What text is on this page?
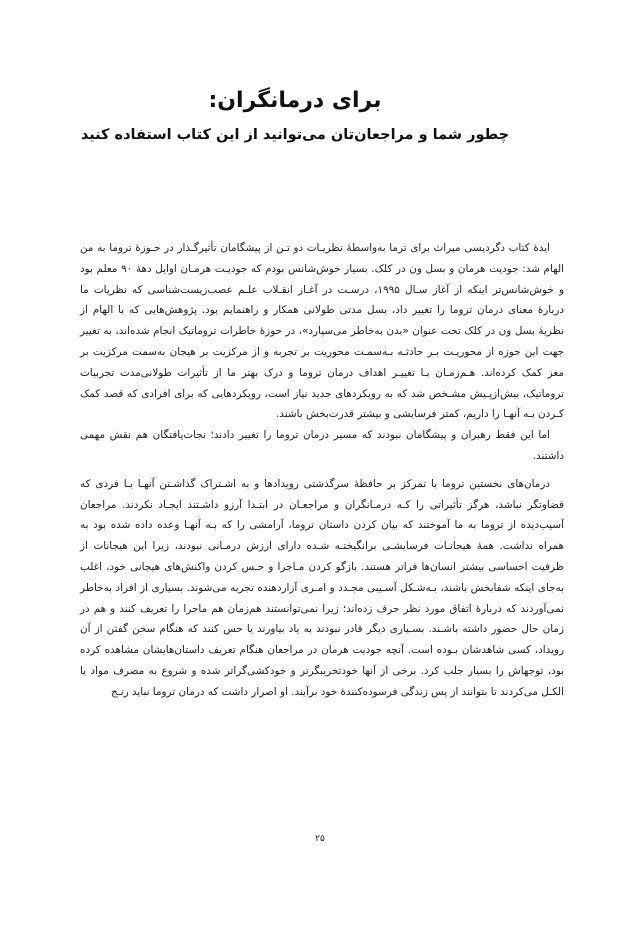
برای درمانگران:
چطور شما و مراجعان‌تان می‌توانید از این کتاب استفاده کنید

ایدهٔ کتاب دگردیسی میراث برای ترما به‌واسطهٔ نظریـات دو تـن از پیشگامان تأثیرگـذار در حـوزهٔ تروما به من الهام شد: جودیت هرمان و بسل ون در کلک. بسیار خوش‌شانس بودم که جودیـت هرمـان اوایل دههٔ ۹۰ معلم بود و خوش‌شانس‌تر اینکه از آغاز سـال ۱۹۹۵، درسـت در آغـاز انقـلاب علـم عصب‌زیست‌شناسی که نظریات ما دربارهٔ معنای درمان تروما را تغییر داد، بسل مدتی طولانی همکار و راهنمایم بود. پژوهش‌هایی که با الهام از نظریهٔ بسل ون در کلک تحت عنوان «بدن به‌خاطر می‌سپارد»، در حوزهٔ خاطرات تروماتیک انجام شده‌اند، به تغییر جهت این حوزه از محوریـت بـر حادثـه بـه‌سمـت محوریت بر تجربه و از مرکزیت بر هیجان به‌سمت مرکزیت بر مغز کمک کرده‌اند. هـم‌زمـان بـا تغییـر اهداف درمان تروما و درک بهتر ما از تأثیرات طولانی‌مدت تجربیات تروماتیک، بیش‌ازپـیش مشـخص شد که به رویکردهای جدید نیاز است، رویکردهایی که برای افرادی که قصد کمک کـردن بـه آنهـا را داریم، کمتر فرسایشی و بیشتر قدرت‌بخش باشند.

اما این فقط رهبران و پیشگامان نبودند که مسیر درمان تروما را تغییر دادند؛ نجات‌یافتگان هم نقش مهمی داشتند.

درمان‌های نخستین تروما با تمرکز بر حافظهٔ سرگذشتی رویدادها و به اشـتراک گذاشـتن آنهـا بـا فردی که قضاوتگر نباشد، هرگز تأثیراتی را کـه درمـانگران و مراجعـان در ابتـدا آرزو داشـتند ایجـاد نکردند. مراجعان آسیب‌دیده از تروما به ما آموختند که بیان کردن داستان تروما، آرامشی را که بـه آنهـا وعده داده شده بود به همراه نداشت. همهٔ هیجانـات فرسایشـی برانگیختـه شـده دارای ارزش درمـانی نبودند، زیرا این هیجانات از ظرفیت احساسی بیشتر انسان‌ها فراتر هستند. بازگو کردن مـاجرا و حـس کردن واکنش‌های هیجانی خود، اغلب به‌جای اینکه شفابخش باشند، بـه‌شـکل آسـیبی مجـدد و امـری آزاردهنده تجربه می‌شوند. بسیاری از افراد به‌خاطر نمی‌آوردند که دربارهٔ اتفاق مورد نظر حرف زده‌اند؛ زیرا نمی‌توانستند هم‌زمان هم ماجرا را تعریف کنند و هم در زمان حال حضور داشته باشـند. بسـیاری دیگر قادر نبودند به یاد بیاورند یا حس کنند که هنگام سخن گفتن از آن رویداد، کسی شاهدشان بـوده است. آنچه جودیت هرمان در مراجعان هنگام تعریف داستان‌هایشان مشاهده کرده بود، توجهاش را بسیار جلب کرد. برخی از آنها خودتخریبگرتر و خودکشی‌گراتر شده و شروع به مصرف مواد یا الکـل می‌کردند تا بتوانند از پس زندگی فرسوده‌کنندهٔ خود برآیند. او اصرار داشت که درمان تروما نباید رنـج

۲۵
